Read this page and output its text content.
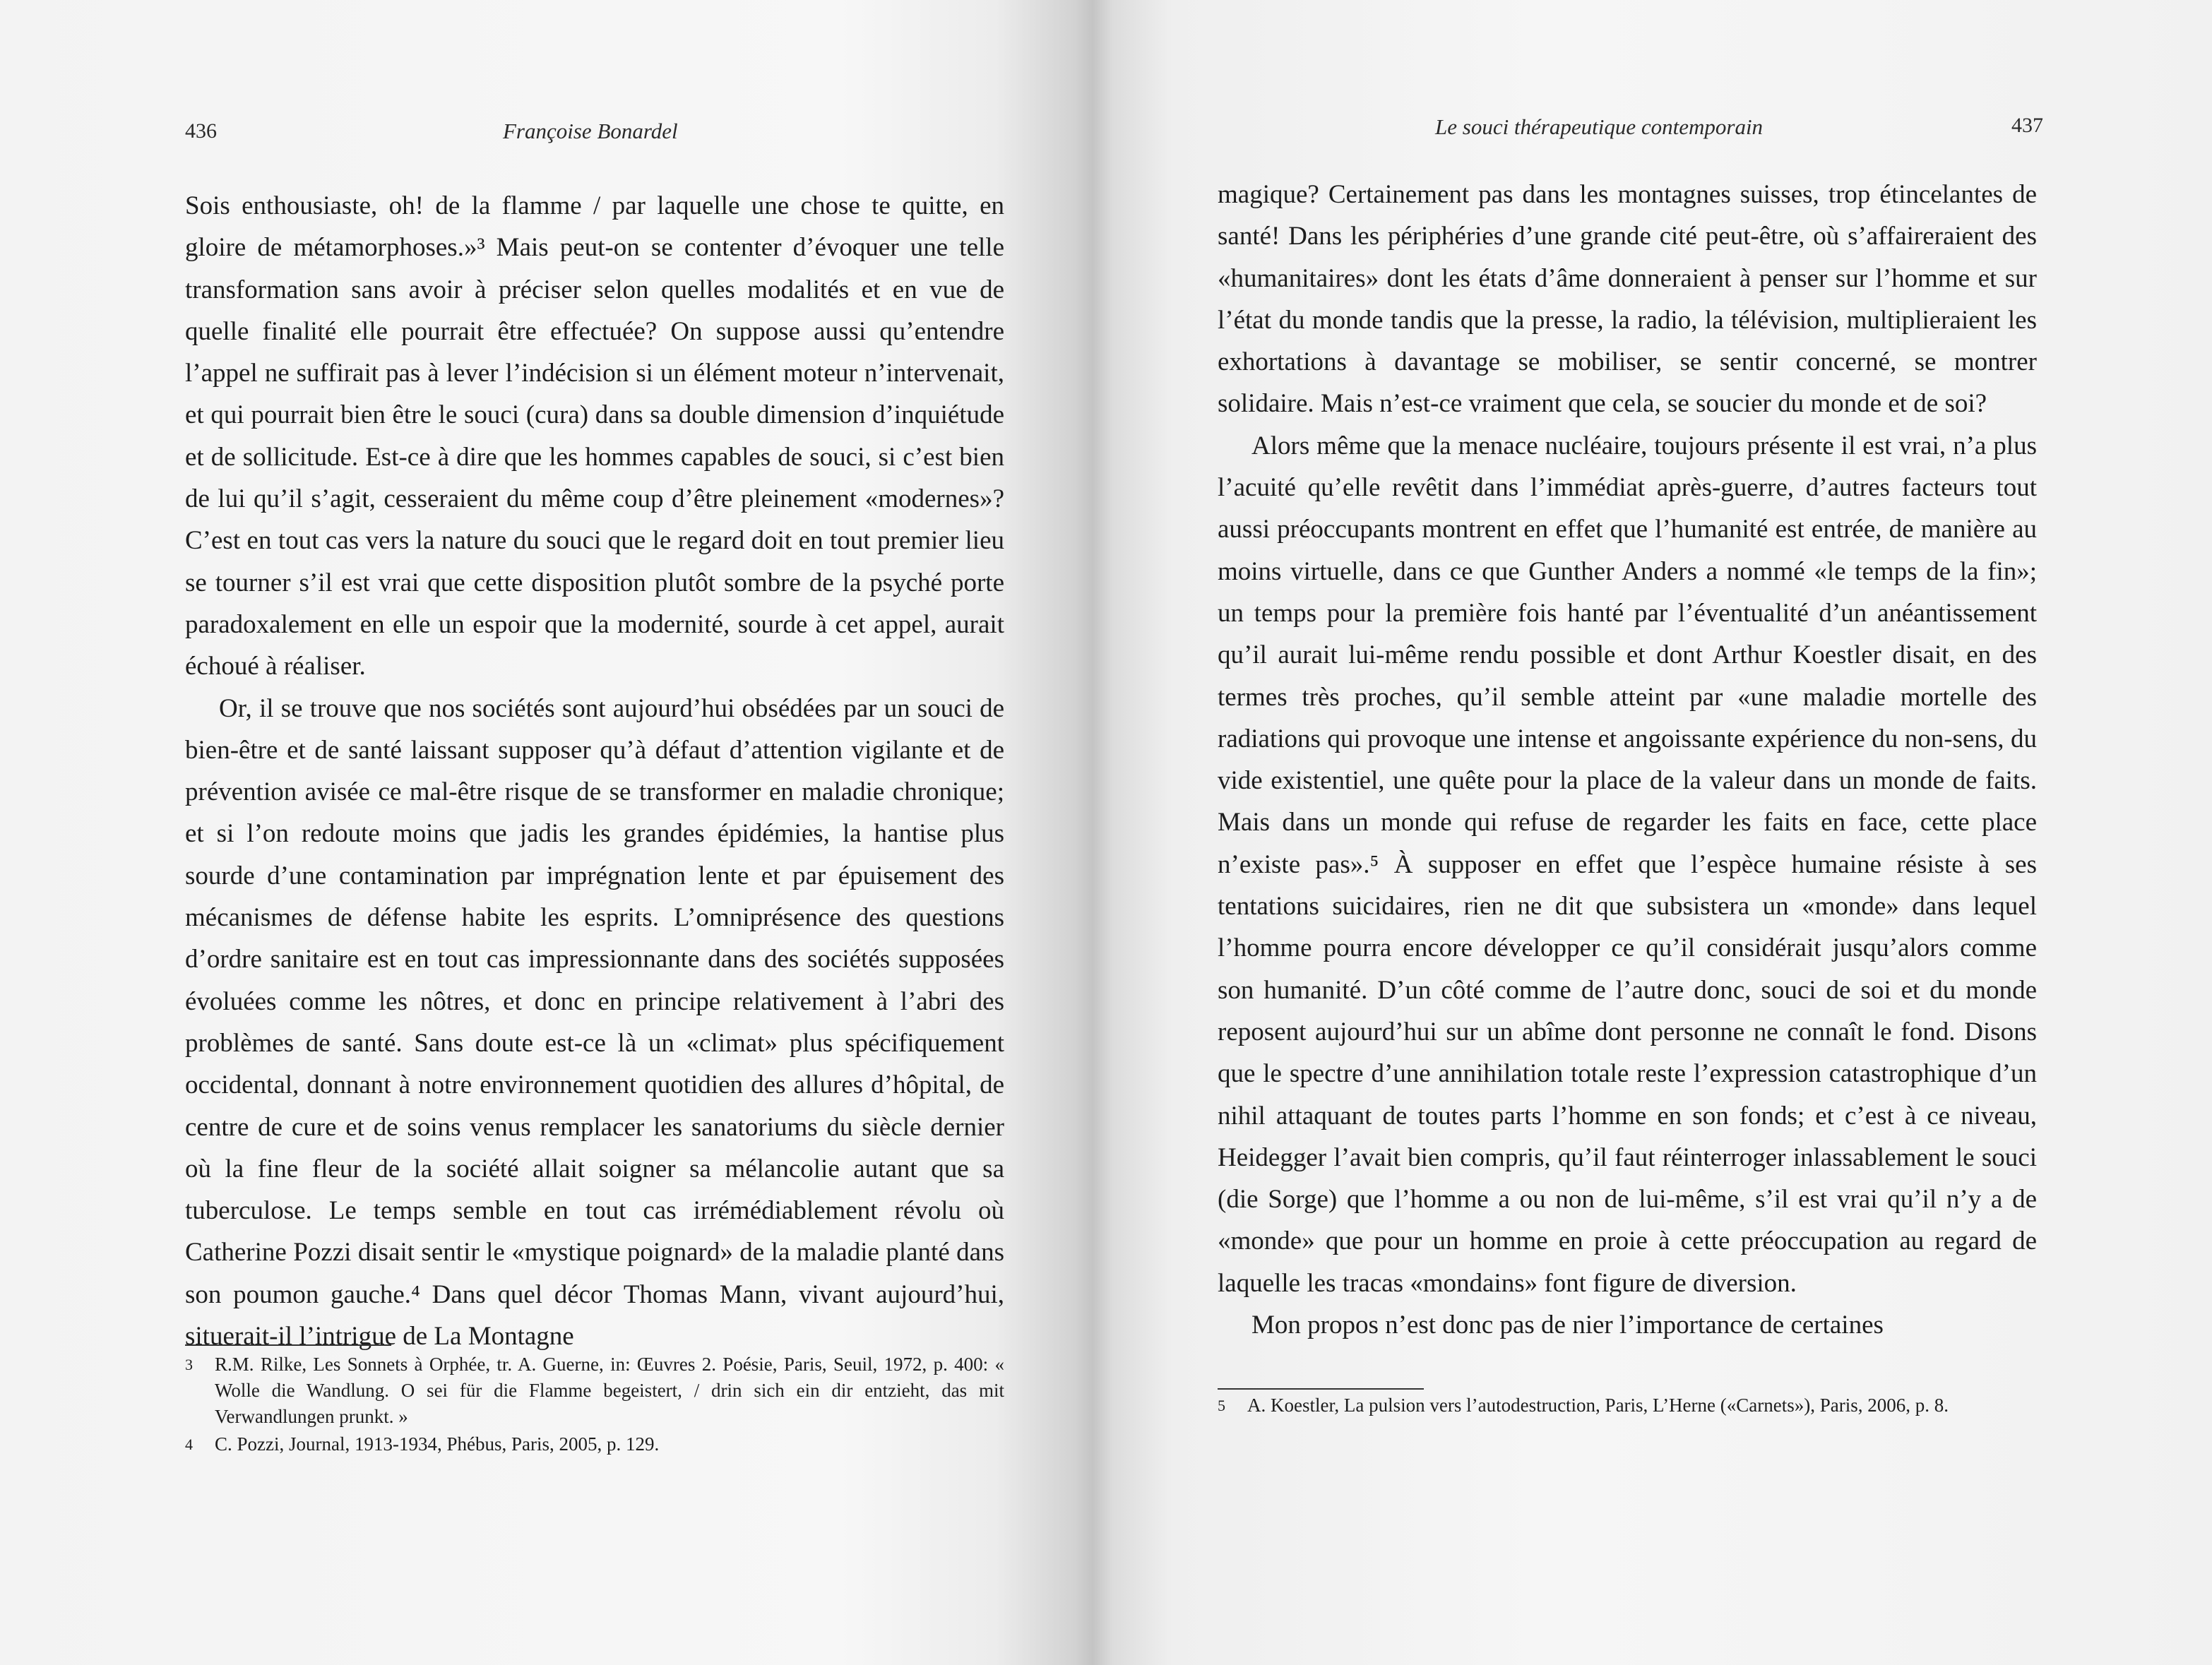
436	Françoise Bonardel

Sois enthousiaste, oh! de la flamme / par laquelle une chose te quitte, en gloire de métamorphoses.»³ Mais peut-on se contenter d’évoquer une telle transformation sans avoir à préciser selon quelles modalités et en vue de quelle finalité elle pourrait être effectuée? On suppose aussi qu’entendre l’appel ne suffirait pas à lever l’indécision si un élément moteur n’intervenait, et qui pourrait bien être le souci (cura) dans sa double dimension d’inquiétude et de sollicitude. Est-ce à dire que les hommes capables de souci, si c’est bien de lui qu’il s’agit, cesseraient du même coup d’être pleinement «modernes»? C’est en tout cas vers la nature du souci que le regard doit en tout premier lieu se tourner s’il est vrai que cette disposition plutôt sombre de la psyché porte paradoxalement en elle un espoir que la modernité, sourde à cet appel, aurait échoué à réaliser.

Or, il se trouve que nos sociétés sont aujourd’hui obsédées par un souci de bien-être et de santé laissant supposer qu’à défaut d’attention vigilante et de prévention avisée ce mal-être risque de se transformer en maladie chronique; et si l’on redoute moins que jadis les grandes épidémies, la hantise plus sourde d’une contamination par imprégnation lente et par épuisement des mécanismes de défense habite les esprits. L’omniprésence des questions d’ordre sanitaire est en tout cas impressionnante dans des sociétés supposées évoluées comme les nôtres, et donc en principe relativement à l’abri des problèmes de santé. Sans doute est-ce là un «climat» plus spécifiquement occidental, donnant à notre environnement quotidien des allures d’hôpital, de centre de cure et de soins venus remplacer les sanatoriums du siècle dernier où la fine fleur de la société allait soigner sa mélancolie autant que sa tuberculose. Le temps semble en tout cas irrémédiablement révolu où Catherine Pozzi disait sentir le «mystique poignard» de la maladie planté dans son poumon gauche.⁴ Dans quel décor Thomas Mann, vivant aujourd’hui, situerait-il l’intrigue de La Montagne

3	R.M. Rilke, Les Sonnets à Orphée, tr. A. Guerne, in: Œuvres 2. Poésie, Paris, Seuil, 1972, p. 400: « Wolle die Wandlung. O sei für die Flamme begeistert, / drin sich ein dir entzieht, das mit Verwandlungen prunkt. »
4	C. Pozzi, Journal, 1913-1934, Phébus, Paris, 2005, p. 129.
Le souci thérapeutique contemporain	437

magique? Certainement pas dans les montagnes suisses, trop étincelantes de santé! Dans les périphéries d’une grande cité peut-être, où s’affaireraient des «humanitaires» dont les états d’âme donneraient à penser sur l’homme et sur l’état du monde tandis que la presse, la radio, la télévision, multiplieraient les exhortations à davantage se mobiliser, se sentir concerné, se montrer solidaire. Mais n’est-ce vraiment que cela, se soucier du monde et de soi?

Alors même que la menace nucléaire, toujours présente il est vrai, n’a plus l’acuité qu’elle revêtit dans l’immédiat après-guerre, d’autres facteurs tout aussi préoccupants montrent en effet que l’humanité est entrée, de manière au moins virtuelle, dans ce que Gunther Anders a nommé «le temps de la fin»; un temps pour la première fois hanté par l’éventualité d’un anéantissement qu’il aurait lui-même rendu possible et dont Arthur Koestler disait, en des termes très proches, qu’il semble atteint par «une maladie mortelle des radiations qui provoque une intense et angoissante expérience du non-sens, du vide existentiel, une quête pour la place de la valeur dans un monde de faits. Mais dans un monde qui refuse de regarder les faits en face, cette place n’existe pas».⁵ À supposer en effet que l’espèce humaine résiste à ses tentations suicidaires, rien ne dit que subsistera un «monde» dans lequel l’homme pourra encore développer ce qu’il considérait jusqu’alors comme son humanité. D’un côté comme de l’autre donc, souci de soi et du monde reposent aujourd’hui sur un abîme dont personne ne connaît le fond. Disons que le spectre d’une annihilation totale reste l’expression catastrophique d’un nihil attaquant de toutes parts l’homme en son fonds; et c’est à ce niveau, Heidegger l’avait bien compris, qu’il faut réinterroger inlassablement le souci (die Sorge) que l’homme a ou non de lui-même, s’il est vrai qu’il n’y a de «monde» que pour un homme en proie à cette préoccupation au regard de laquelle les tracas «mondains» font figure de diversion.

Mon propos n’est donc pas de nier l’importance de certaines

5	A. Koestler, La pulsion vers l’autodestruction, Paris, L’Herne («Carnets»), Paris, 2006, p. 8.
